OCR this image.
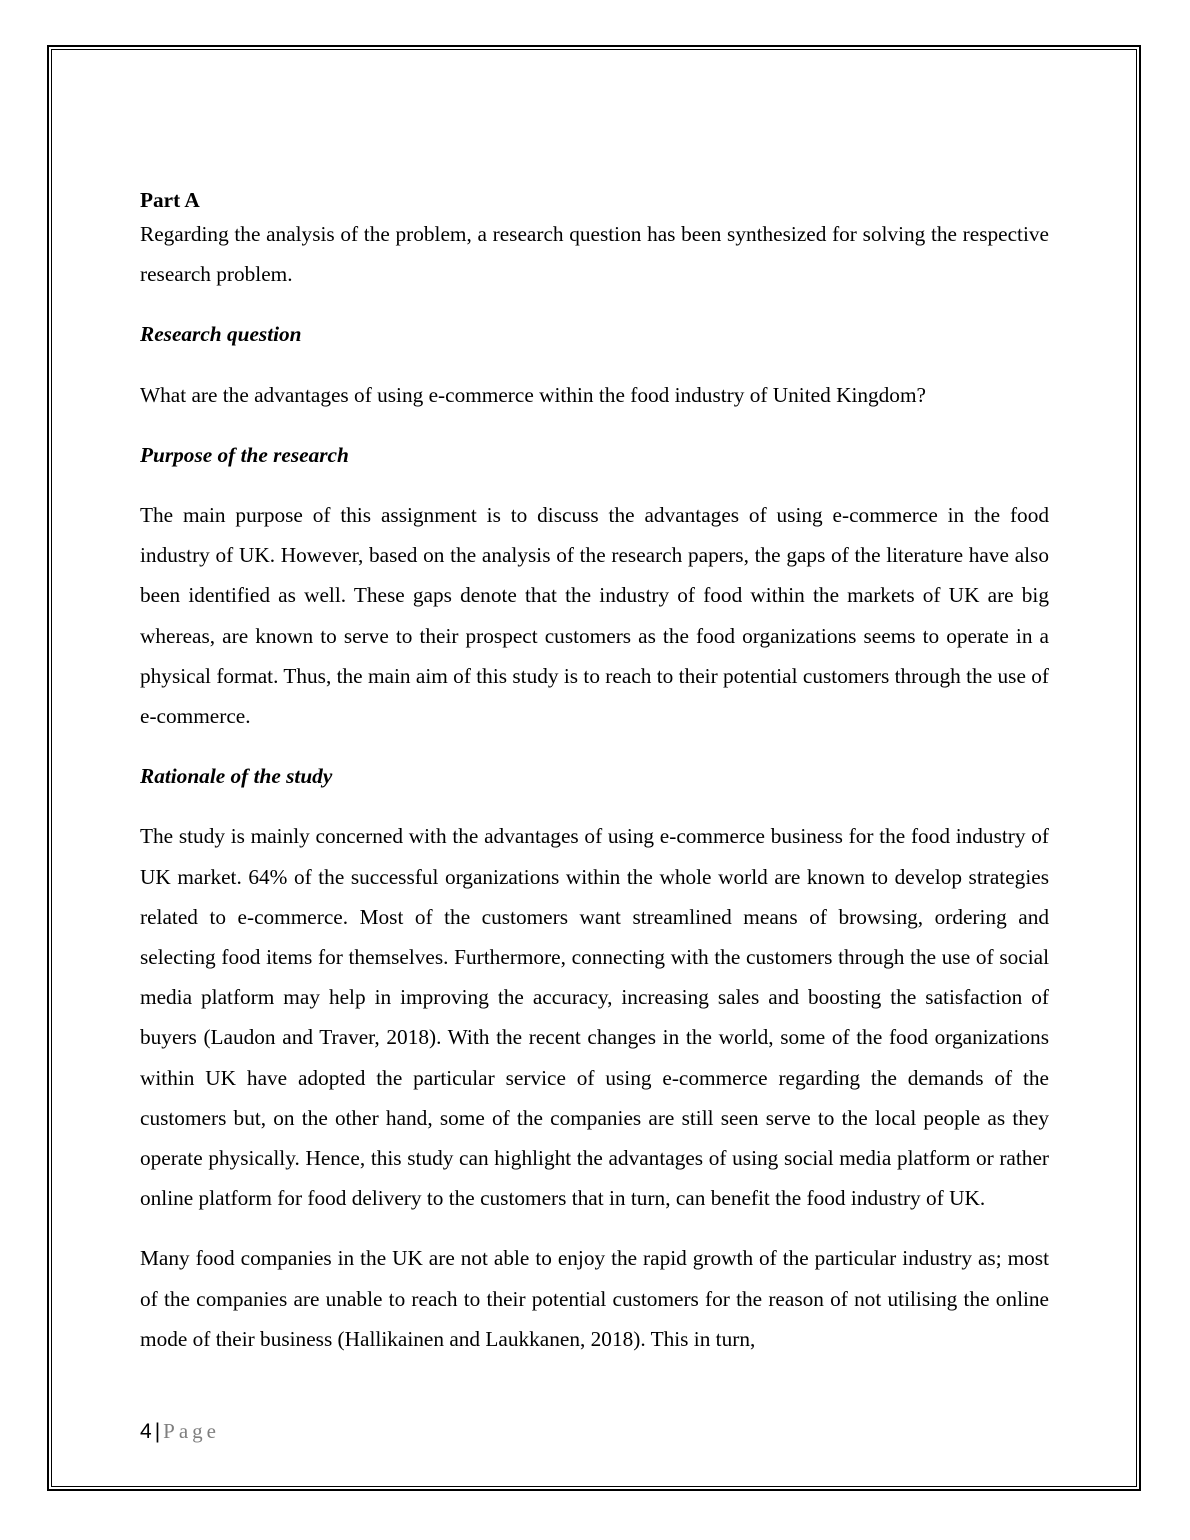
Part A

Regarding the analysis of the problem, a research question has been synthesized for solving the respective research problem.

Research question

What are the advantages of using e-commerce within the food industry of United Kingdom?

Purpose of the research

The main purpose of this assignment is to discuss the advantages of using e-commerce in the food industry of UK. However, based on the analysis of the research papers, the gaps of the literature have also been identified as well. These gaps denote that the industry of food within the markets of UK are big whereas, are known to serve to their prospect customers as the food organizations seems to operate in a physical format. Thus, the main aim of this study is to reach to their potential customers through the use of e-commerce.

Rationale of the study

The study is mainly concerned with the advantages of using e-commerce business for the food industry of UK market. 64% of the successful organizations within the whole world are known to develop strategies related to e-commerce. Most of the customers want streamlined means of browsing, ordering and selecting food items for themselves. Furthermore, connecting with the customers through the use of social media platform may help in improving the accuracy, increasing sales and boosting the satisfaction of buyers (Laudon and Traver, 2018). With the recent changes in the world, some of the food organizations within UK have adopted the particular service of using e-commerce regarding the demands of the customers but, on the other hand, some of the companies are still seen serve to the local people as they operate physically. Hence, this study can highlight the advantages of using social media platform or rather online platform for food delivery to the customers that in turn, can benefit the food industry of UK.

Many food companies in the UK are not able to enjoy the rapid growth of the particular industry as; most of the companies are unable to reach to their potential customers for the reason of not utilising the online mode of their business (Hallikainen and Laukkanen, 2018). This in turn,

4 | Page
